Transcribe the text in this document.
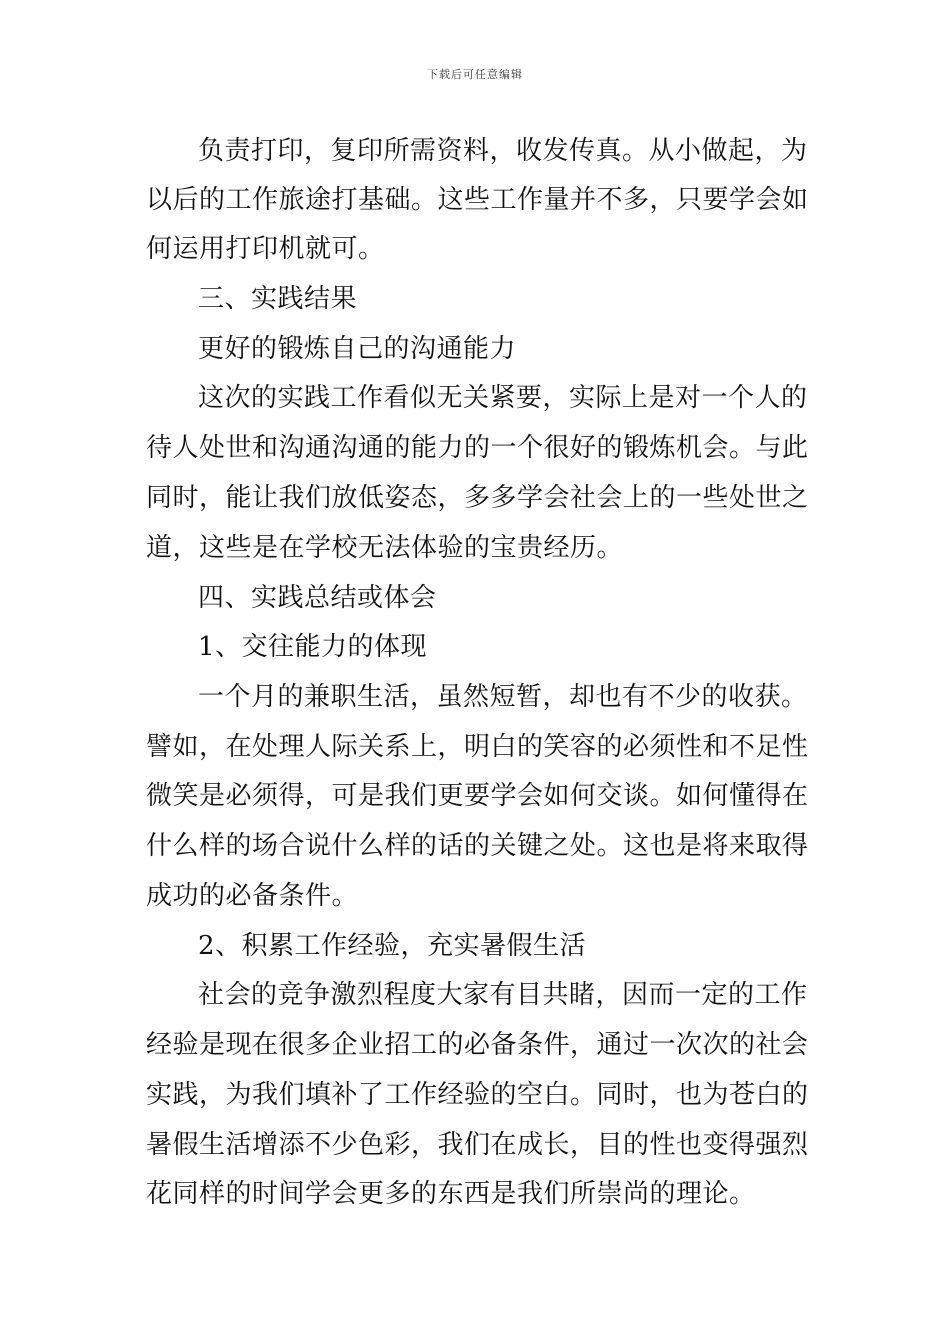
下载后可任意编辑
负责打印，复印所需资料，收发传真。从小做起，为
以后的工作旅途打基础。这些工作量并不多，只要学会如
何运用打印机就可。
三、实践结果
更好的锻炼自己的沟通能力
这次的实践工作看似无关紧要，实际上是对一个人的
待人处世和沟通沟通的能力的一个很好的锻炼机会。与此
同时，能让我们放低姿态，多多学会社会上的一些处世之
道，这些是在学校无法体验的宝贵经历。
四、实践总结或体会
1、交往能力的体现
一个月的兼职生活，虽然短暂，却也有不少的收获。
譬如，在处理人际关系上，明白的笑容的必须性和不足性
微笑是必须得，可是我们更要学会如何交谈。如何懂得在
什么样的场合说什么样的话的关键之处。这也是将来取得
成功的必备条件。
2、积累工作经验，充实暑假生活
社会的竞争激烈程度大家有目共睹，因而一定的工作
经验是现在很多企业招工的必备条件，通过一次次的社会
实践，为我们填补了工作经验的空白。同时，也为苍白的
暑假生活增添不少色彩，我们在成长，目的性也变得强烈
花同样的时间学会更多的东西是我们所崇尚的理论。
